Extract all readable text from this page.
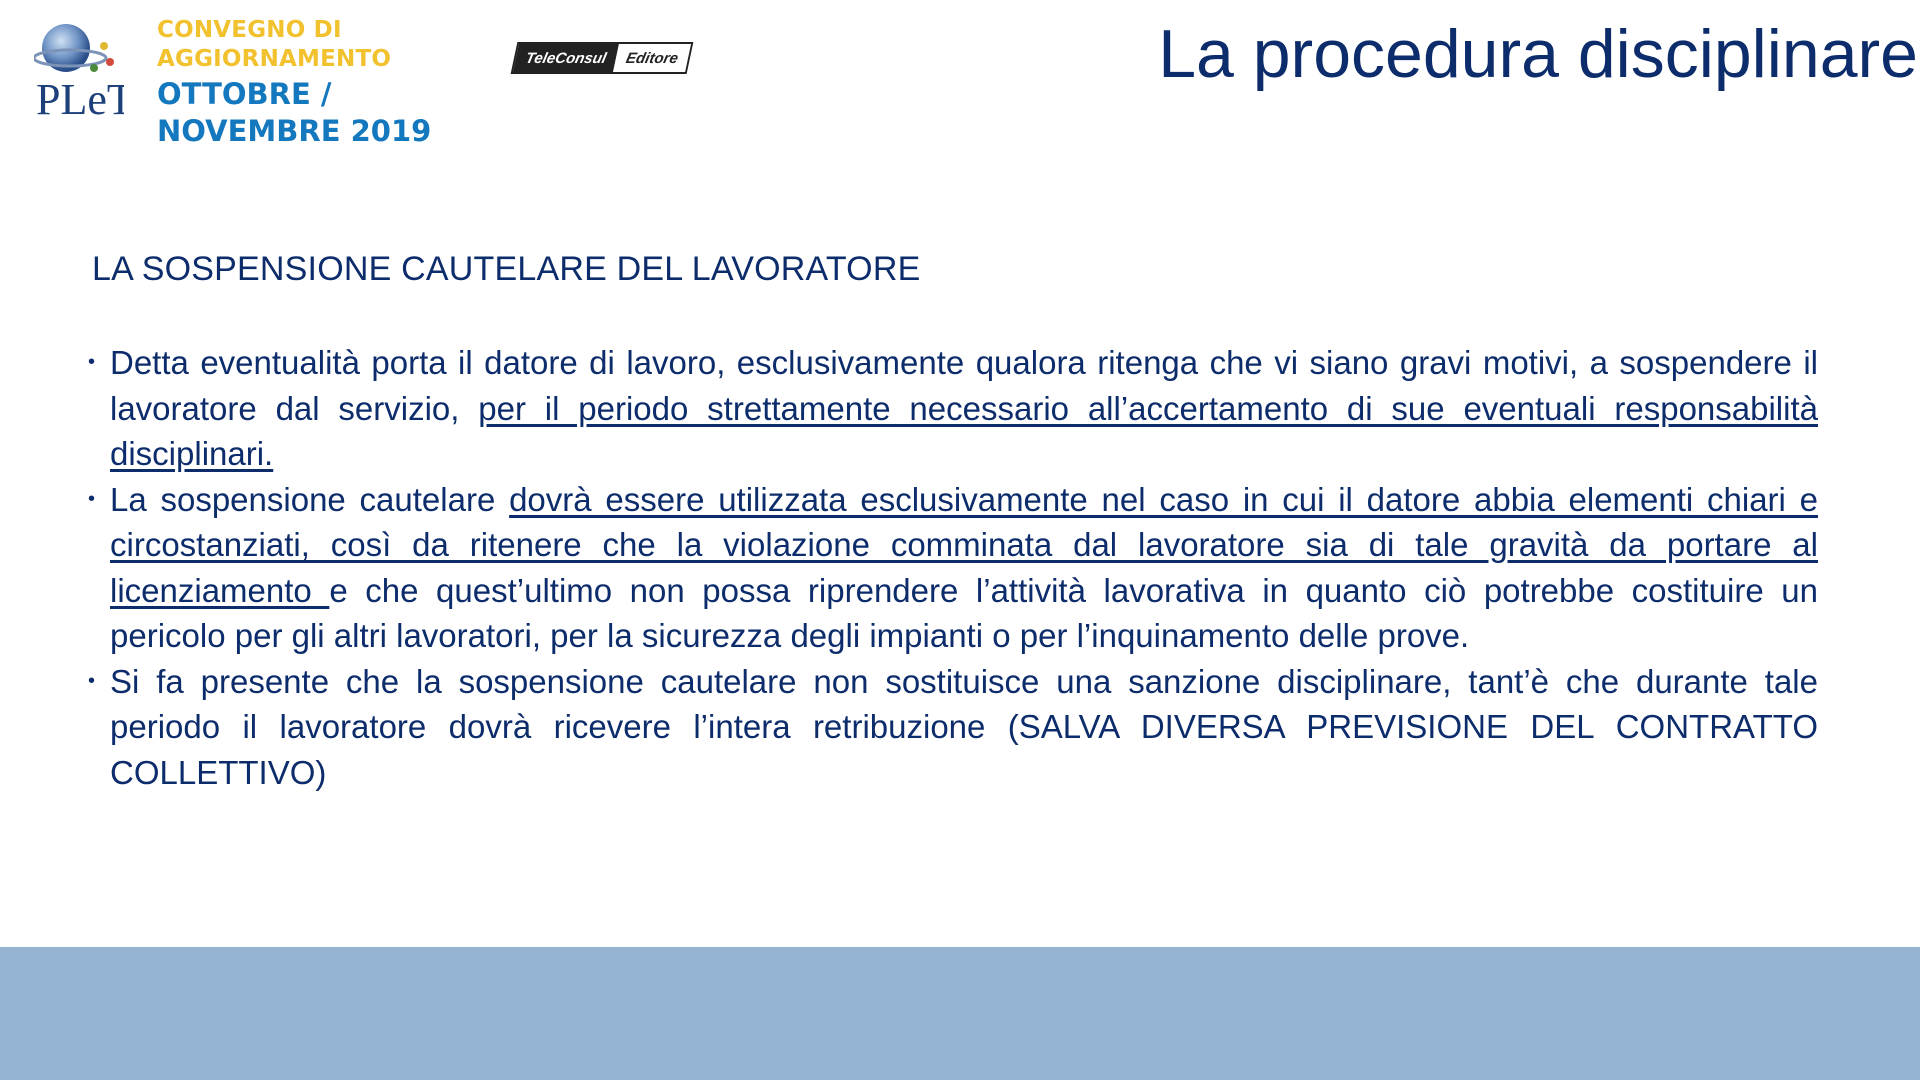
PLeT
CONVEGNO DI
AGGIORNAMENTO
OTTOBRE /
NOVEMBRE 2019
TeleConsul	Editore	La procedura disciplinare
LA SOSPENSIONE CAUTELARE DEL LAVORATORE
• Detta eventualità porta il datore di lavoro, esclusivamente qualora ritenga che vi siano gravi motivi, a sospendere il lavoratore dal servizio, per il periodo strettamente necessario all’accertamento di sue eventuali responsabilità disciplinari.
• La sospensione cautelare dovrà essere utilizzata esclusivamente nel caso in cui il datore abbia elementi chiari e circostanziati, così da ritenere che la violazione comminata dal lavoratore sia di tale gravità da portare al licenziamento e che quest’ultimo non possa riprendere l’attività lavorativa in quanto ciò potrebbe costituire un pericolo per gli altri lavoratori, per la sicurezza degli impianti o per l’inquinamento delle prove.
• Si fa presente che la sospensione cautelare non sostituisce una sanzione disciplinare, tant’è che durante tale periodo il lavoratore dovrà ricevere l’intera retribuzione (SALVA DIVERSA PREVISIONE DEL CONTRATTO COLLETTIVO)
